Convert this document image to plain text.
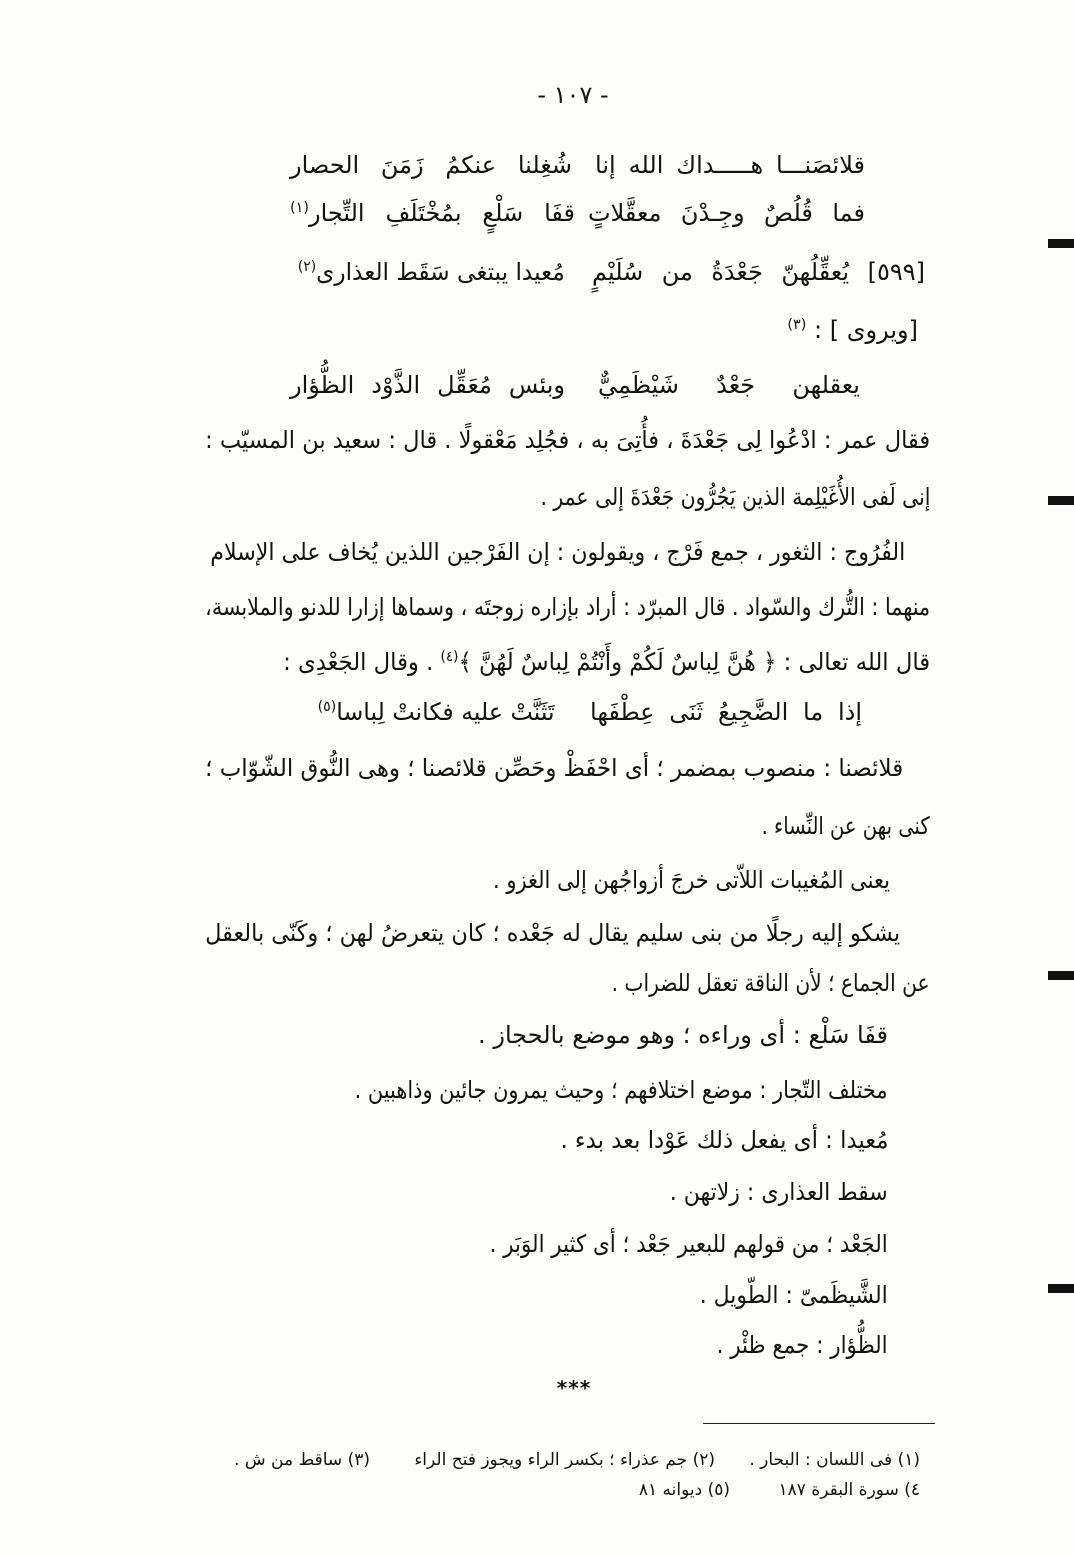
- ١٠٧ -
قلائصَنـــا هـــــداك الله إنا
شُغِلنا عنكمُ زَمَنَ الحصار
فما قُلُصٌ وجِـدْنَ معقَّلاتٍ
قفَا سَلْعٍ بمُخْتَلَفِ التِّجار$^{(١)}$
[٥٩٩] يُعقِّلُهنّ جَعْدَةُ من سُلَيْمٍ
مُعيدا يبتغى سَقَط العذارى$^{(٢)}$
[ويروى ] : $^{(٣)}$
يعقلهن جَعْدٌ شَيْظَمِيٌّ
وبئس مُعَقِّل الذَّوْد الظُّؤار
فقال عمر : ادْعُوا لِى جَعْدَةَ ، فأُتِىَ به ، فجُلِد مَعْقولًا . قال : سعيد بن المسيّب :
إنى لَفى الأُغَيْلِمة الذين يَجُرُّون جَعْدَةَ إلى عمر .
الفُرُوج : الثغور ، جمع فَرْج ، ويقولون : إن الفَرْجين اللذين يُخاف على الإسلام
منهما : التُّرك والسّواد . قال المبرّد : أراد بإزاره زوجتَه ، وسماها إزارا للدنو والملابسة،
قال الله تعالى : ﴿ هُنَّ لِباسٌ لَكُمْ وأَنْتُمْ لِباسٌ لَهُنَّ ﴾$^{(٤)}$ . وقال الجَعْدِى :
إذا ما الضَّجِيعُ ثَنَى عِطْفَها
تَثَنَّتْ عليه فكانتْ لِباسا$^{(٥)}$
قلائصنا : منصوب بمضمر ؛ أى احْفَظْ وحَصِّن قلائصنا ؛ وهى النُّوق الشّوّاب ؛
كنى بهن عن النِّساء .
يعنى المُغيبات اللاّتى خرجَ أزواجُهن إلى الغزو .
يشكو إليه رجلًا من بنى سليم يقال له جَعْده ؛ كان يتعرضُ لهن ؛ وكَنّى بالعقل
عن الجماع ؛ لأن الناقة تعقل للضراب .
قفَا سَلْع : أى وراءه ؛ وهو موضع بالحجاز .
مختلف التّجار : موضع اختلافهم ؛ وحيث يمرون جائين وذاهبين .
مُعيدا : أى يفعل ذلك عَوْدا بعد بدء .
سقط العذارى : زلاتهن .
الجَعْد ؛ من قولهم للبعير جَعْد ؛ أى كثير الوَبَر .
الشَّيظَمىّ : الطّويل .
الظُّؤار : جمع ظئْر .
***
(١) فى اللسان : البحار .
(٢) جم عذراء ؛ بكسر الراء ويجوز فتح الراء
(٣) ساقط من ش .
٤) سورة البقرة ١٨٧
(٥) ديوانه ٨١
